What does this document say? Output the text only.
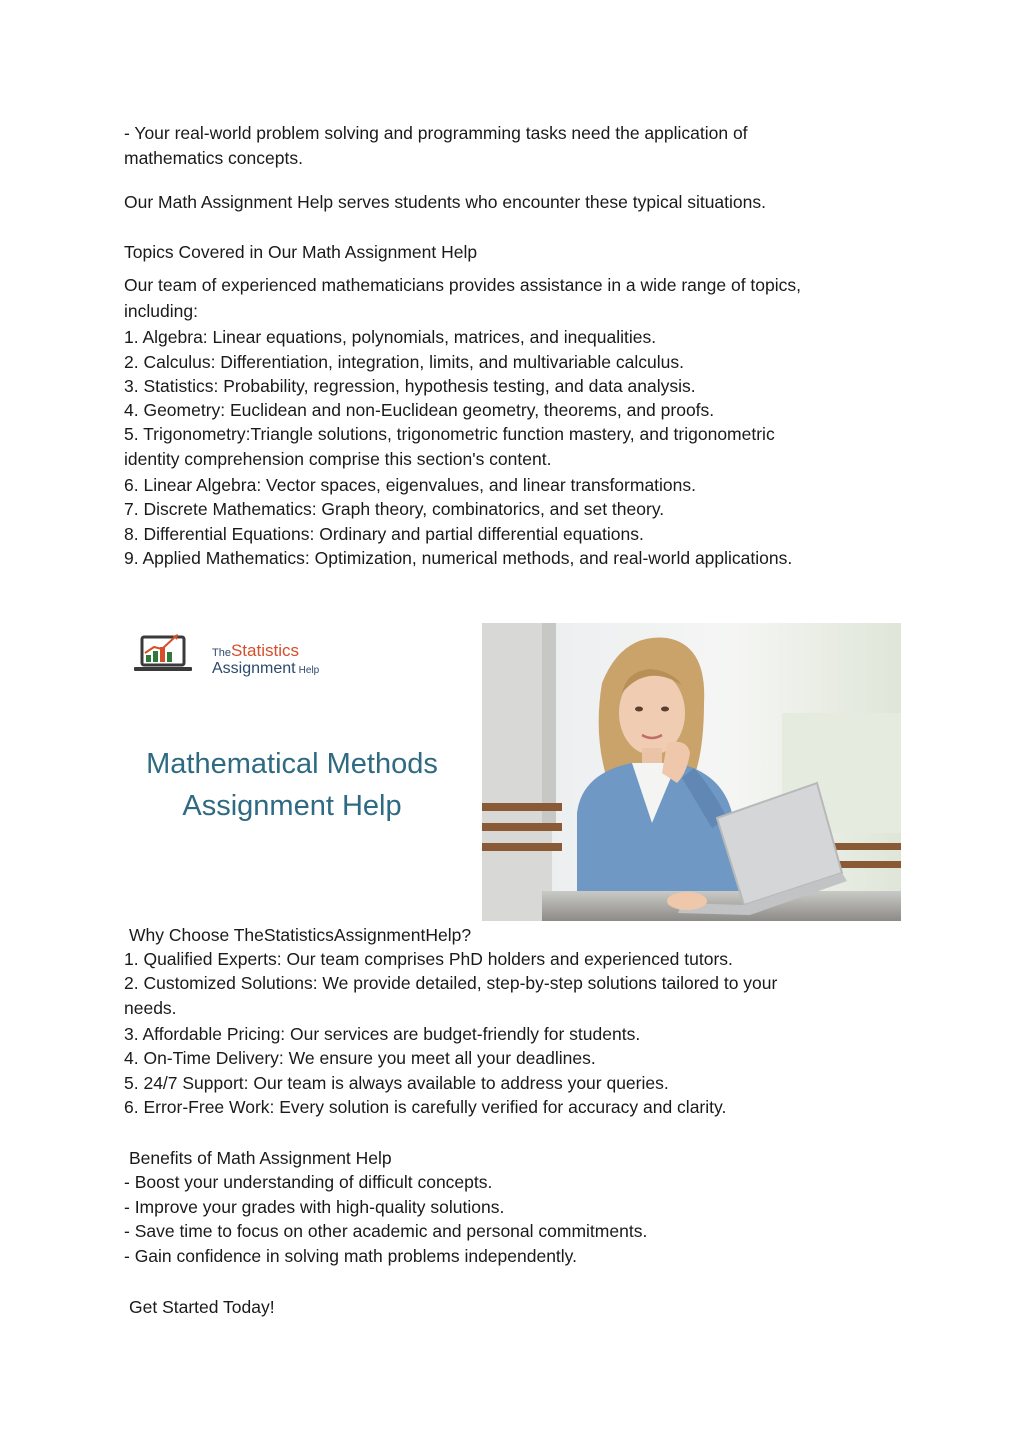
- Your real-world problem solving and programming tasks need the application of
mathematics concepts.
Our Math Assignment Help serves students who encounter these typical situations.
Topics Covered in Our Math Assignment Help
Our team of experienced mathematicians provides assistance in a wide range of topics,
including:
1. Algebra: Linear equations, polynomials, matrices, and inequalities.
2. Calculus: Differentiation, integration, limits, and multivariable calculus.
3. Statistics: Probability, regression, hypothesis testing, and data analysis.
4. Geometry: Euclidean and non-Euclidean geometry, theorems, and proofs.
5. Trigonometry:Triangle solutions, trigonometric function mastery, and trigonometric
identity comprehension comprise this section's content.
6. Linear Algebra: Vector spaces, eigenvalues, and linear transformations.
7. Discrete Mathematics: Graph theory, combinatorics, and set theory.
8. Differential Equations: Ordinary and partial differential equations.
9. Applied Mathematics: Optimization, numerical methods, and real-world applications.
TheStatistics
Assignment Help
Mathematical Methods
Assignment Help
Why Choose TheStatisticsAssignmentHelp?
1. Qualified Experts: Our team comprises PhD holders and experienced tutors.
2. Customized Solutions: We provide detailed, step-by-step solutions tailored to your
needs.
3. Affordable Pricing: Our services are budget-friendly for students.
4. On-Time Delivery: We ensure you meet all your deadlines.
5. 24/7 Support: Our team is always available to address your queries.
6. Error-Free Work: Every solution is carefully verified for accuracy and clarity.
Benefits of Math Assignment Help
- Boost your understanding of difficult concepts.
- Improve your grades with high-quality solutions.
- Save time to focus on other academic and personal commitments.
- Gain confidence in solving math problems independently.
Get Started Today!
